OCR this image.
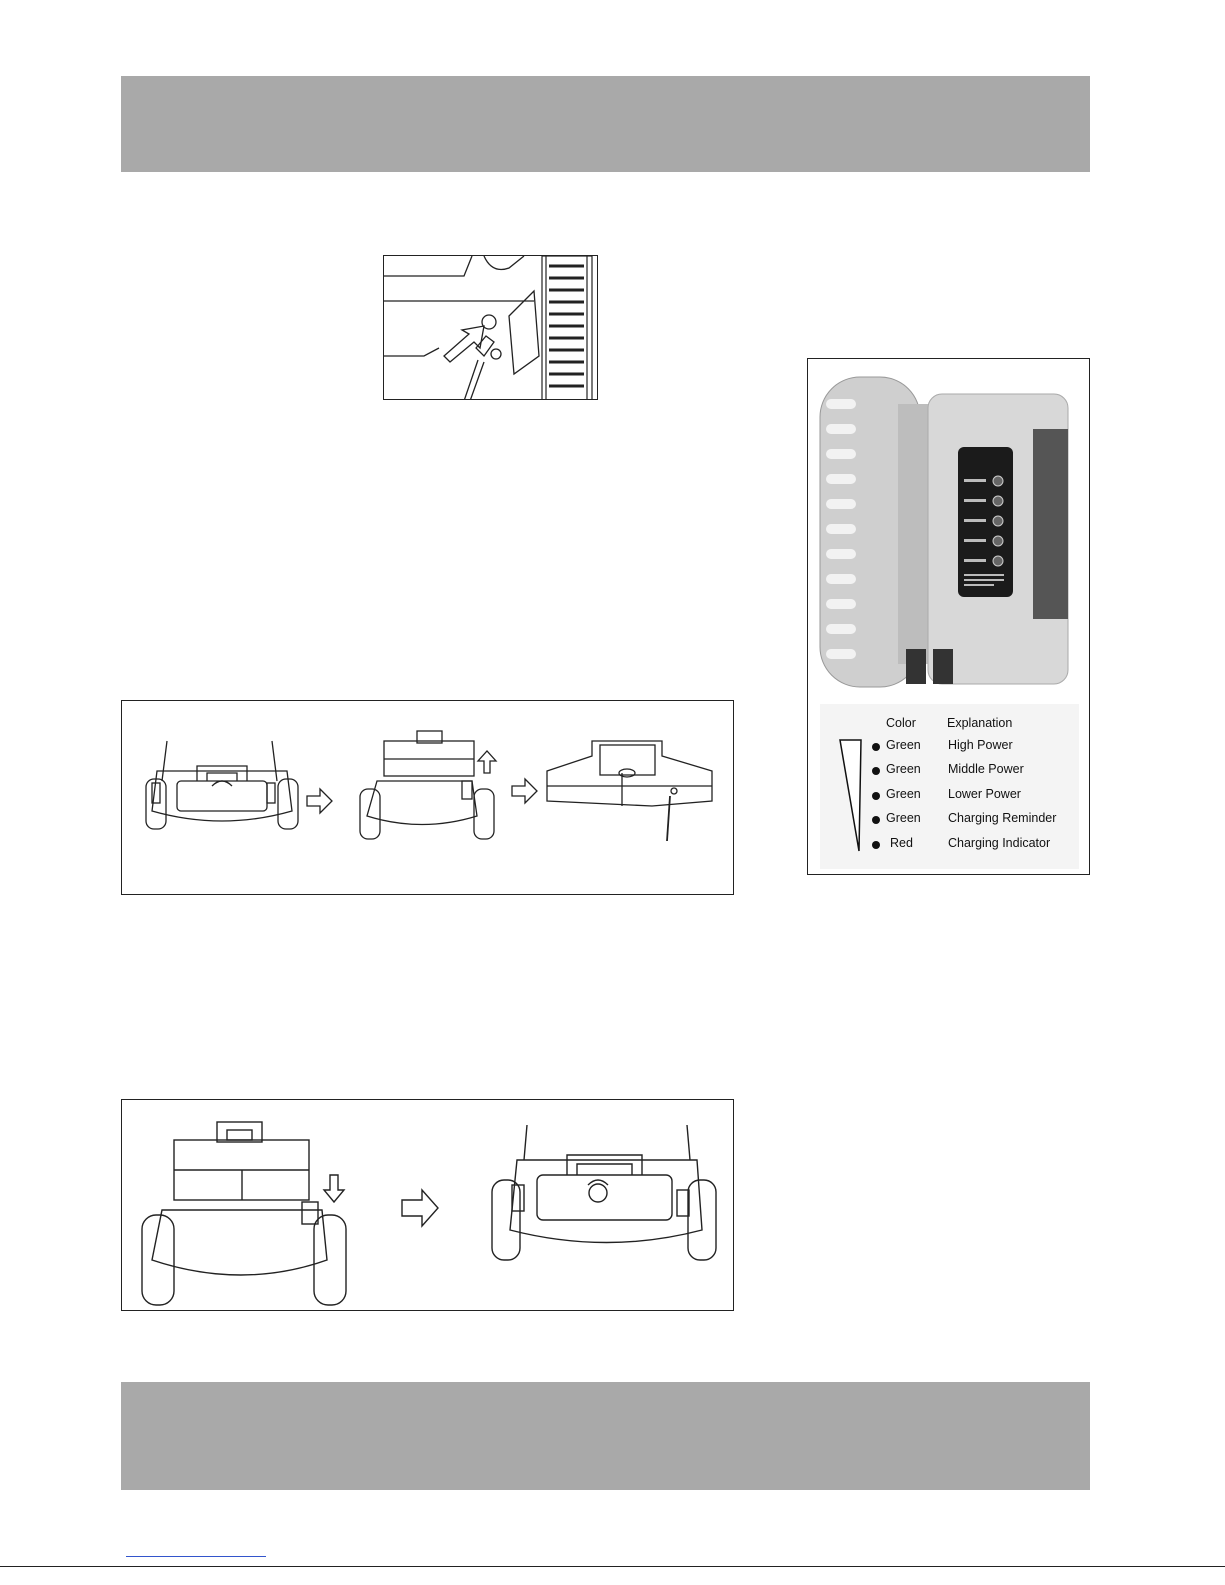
Color Explanation
Green High Power
Green Middle Power
Green Lower Power
Green Charging Reminder
Red	Charging Indicator
